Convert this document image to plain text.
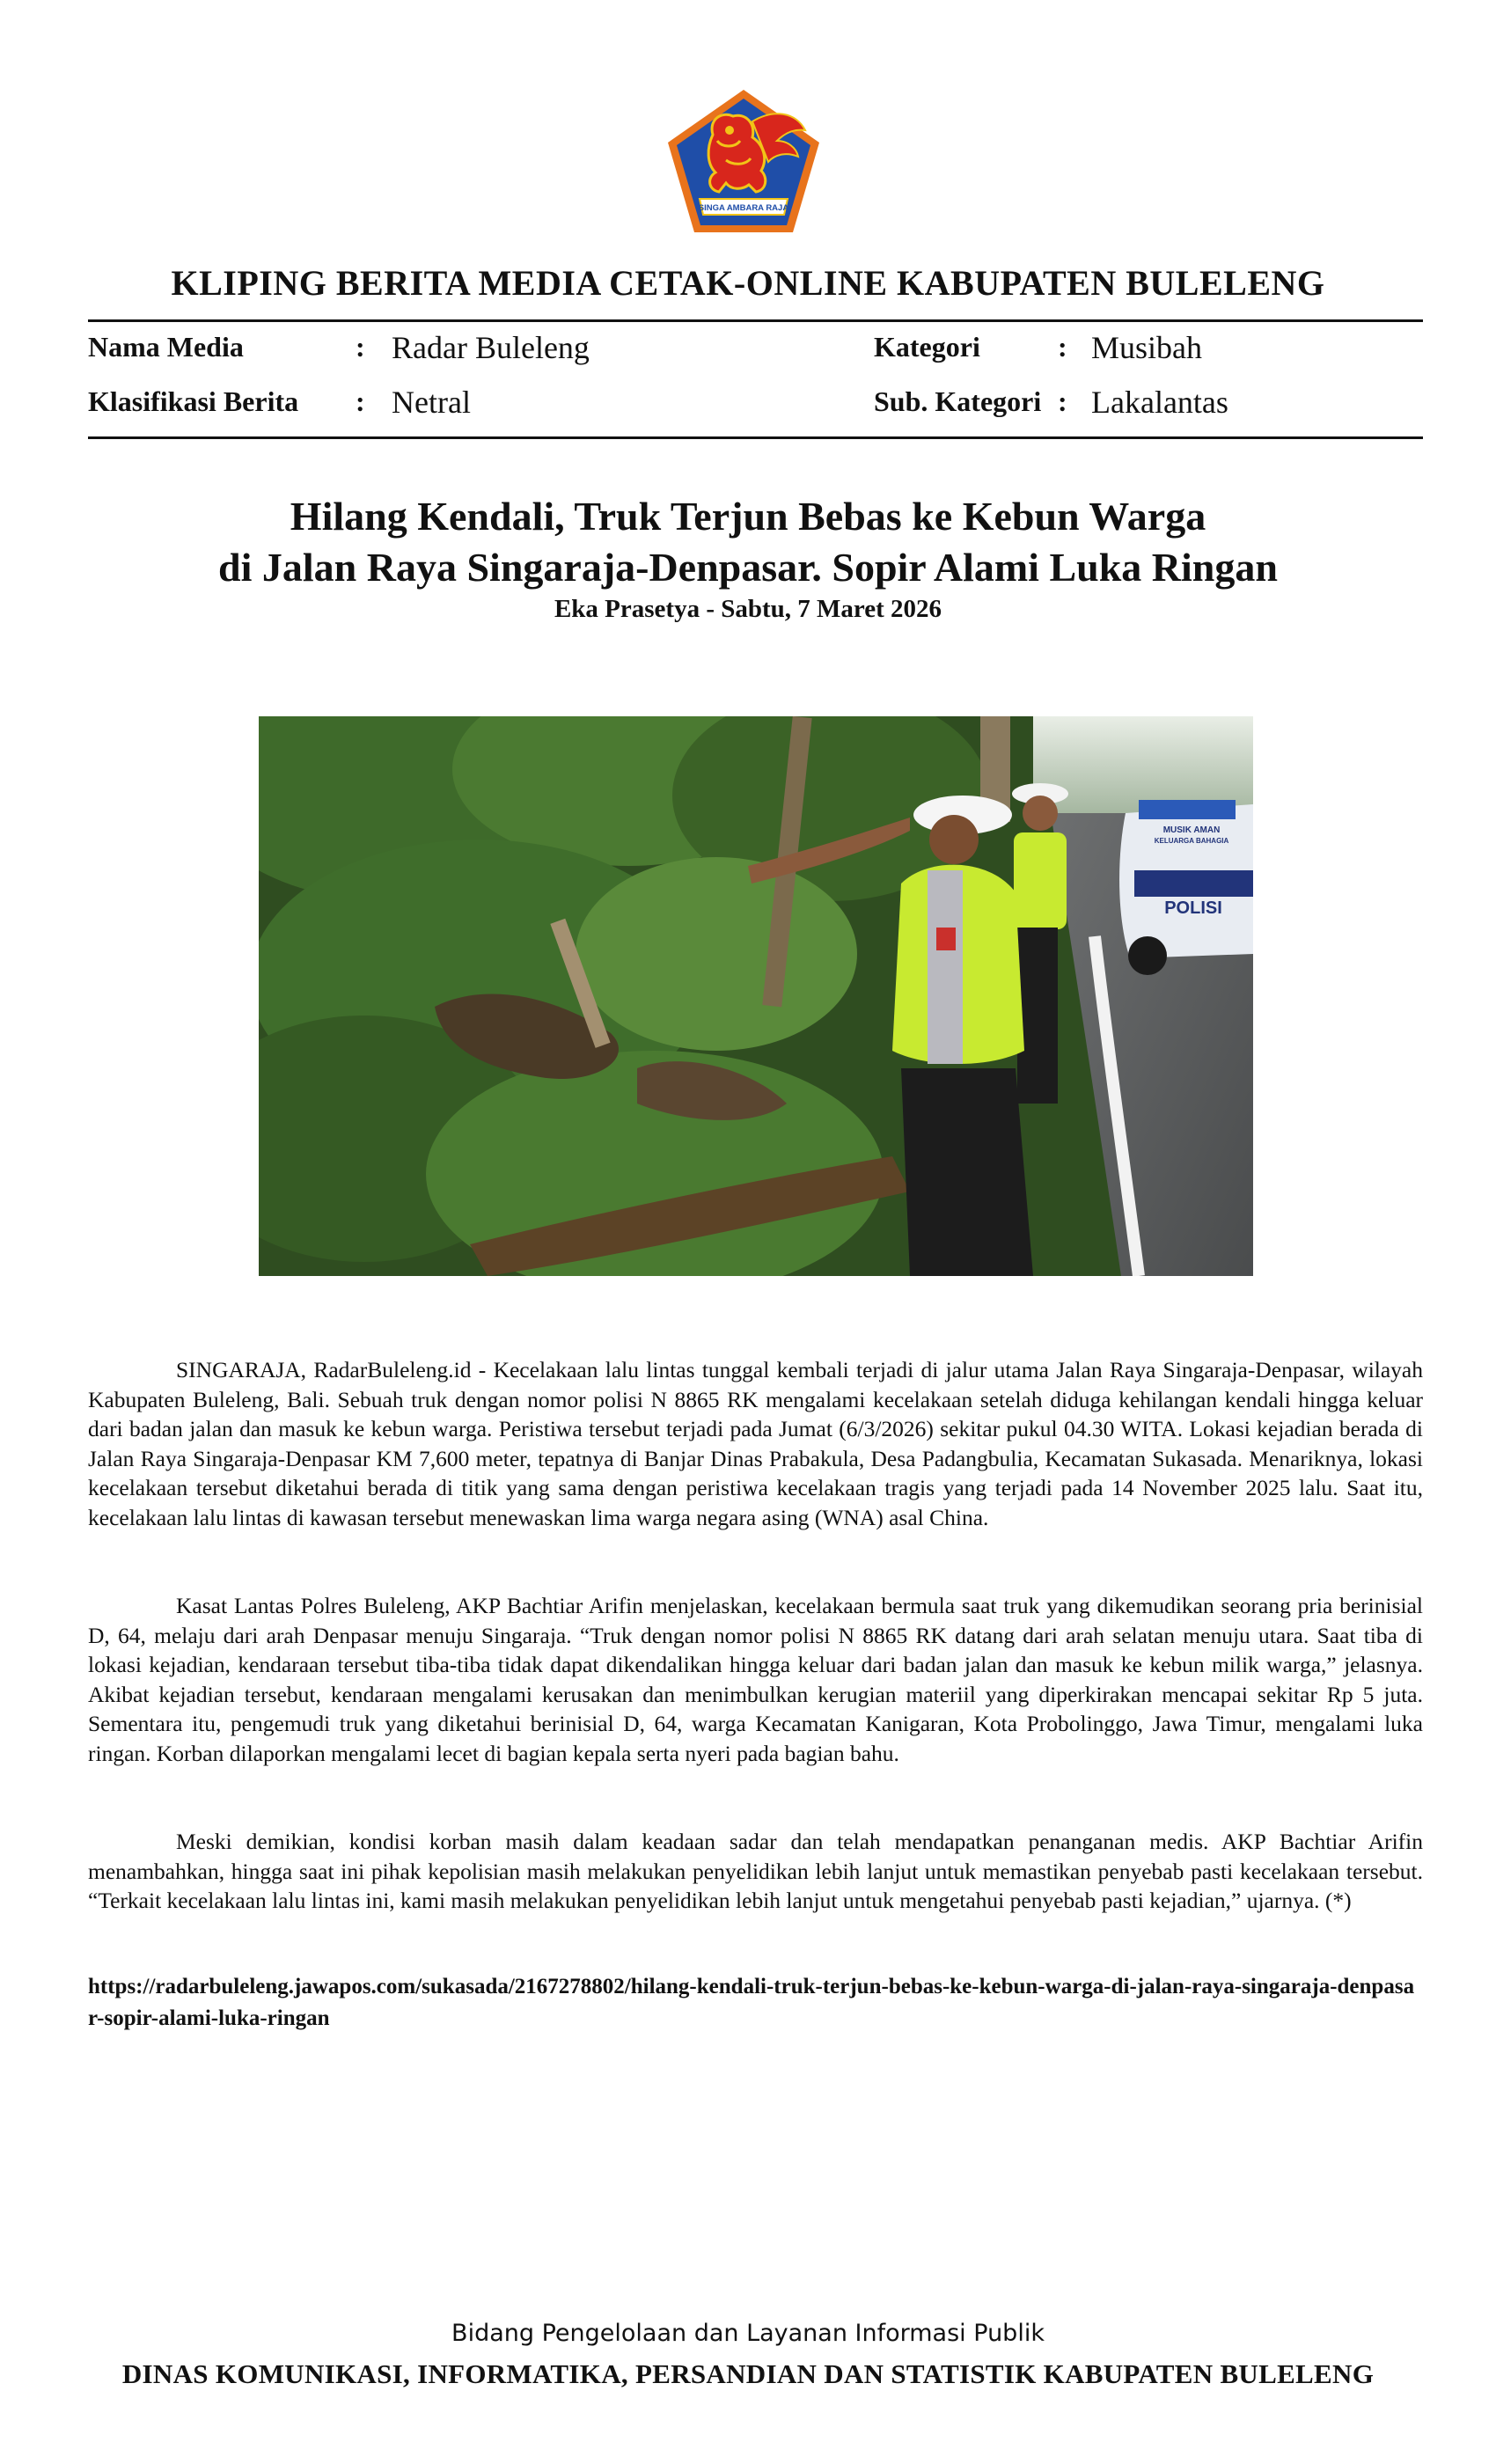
SINGA AMBARA RAJA
KLIPING BERITA MEDIA CETAK-ONLINE KABUPATEN BULELENG
Nama Media	: Radar Buleleng
Klasifikasi Berita : Netral
Kategori	: Musibah
Sub. Kategori : Lakalantas
Hilang Kendali, Truk Terjun Bebas ke Kebun Warga
di Jalan Raya Singaraja-Denpasar. Sopir Alami Luka Ringan
Eka Prasetya - Sabtu, 7 Maret 2026
MUSIK AMAN
KELUARGA BAHAGIA
POLISI

SINGARAJA, RadarBuleleng.id - Kecelakaan lalu lintas tunggal kembali terjadi di jalur utama Jalan Raya Singaraja-Denpasar, wilayah Kabupaten Buleleng, Bali. Sebuah truk dengan nomor polisi N 8865 RK mengalami kecelakaan setelah diduga kehilangan kendali hingga keluar dari badan jalan dan masuk ke kebun warga. Peristiwa tersebut terjadi pada Jumat (6/3/2026) sekitar pukul 04.30 WITA. Lokasi kejadian berada di Jalan Raya Singaraja-Denpasar KM 7,600 meter, tepatnya di Banjar Dinas Prabakula, Desa Padangbulia, Kecamatan Sukasada. Menariknya, lokasi kecelakaan tersebut diketahui berada di titik yang sama dengan peristiwa kecelakaan tragis yang terjadi pada 14 November 2025 lalu. Saat itu, kecelakaan lalu lintas di kawasan tersebut menewaskan lima warga negara asing (WNA) asal China.

Kasat Lantas Polres Buleleng, AKP Bachtiar Arifin menjelaskan, kecelakaan bermula saat truk yang dikemudikan seorang pria berinisial D, 64, melaju dari arah Denpasar menuju Singaraja. “Truk dengan nomor polisi N 8865 RK datang dari arah selatan menuju utara. Saat tiba di lokasi kejadian, kendaraan tersebut tiba-tiba tidak dapat dikendalikan hingga keluar dari badan jalan dan masuk ke kebun milik warga,” jelasnya. Akibat kejadian tersebut, kendaraan mengalami kerusakan dan menimbulkan kerugian materiil yang diperkirakan mencapai sekitar Rp 5 juta. Sementara itu, pengemudi truk yang diketahui berinisial D, 64, warga Kecamatan Kanigaran, Kota Probolinggo, Jawa Timur, mengalami luka ringan. Korban dilaporkan mengalami lecet di bagian kepala serta nyeri pada bagian bahu.

Meski demikian, kondisi korban masih dalam keadaan sadar dan telah mendapatkan penanganan medis. AKP Bachtiar Arifin menambahkan, hingga saat ini pihak kepolisian masih melakukan penyelidikan lebih lanjut untuk memastikan penyebab pasti kecelakaan tersebut. “Terkait kecelakaan lalu lintas ini, kami masih melakukan penyelidikan lebih lanjut untuk mengetahui penyebab pasti kejadian,” ujarnya. (*)

https://radarbuleleng.jawapos.com/sukasada/2167278802/hilang-kendali-truk-terjun-bebas-ke-kebun-warga-di-jalan-raya-singaraja-denpasar-sopir-alami-luka-ringan
Bidang Pengelolaan dan Layanan Informasi Publik
DINAS KOMUNIKASI, INFORMATIKA, PERSANDIAN DAN STATISTIK KABUPATEN BULELENG
